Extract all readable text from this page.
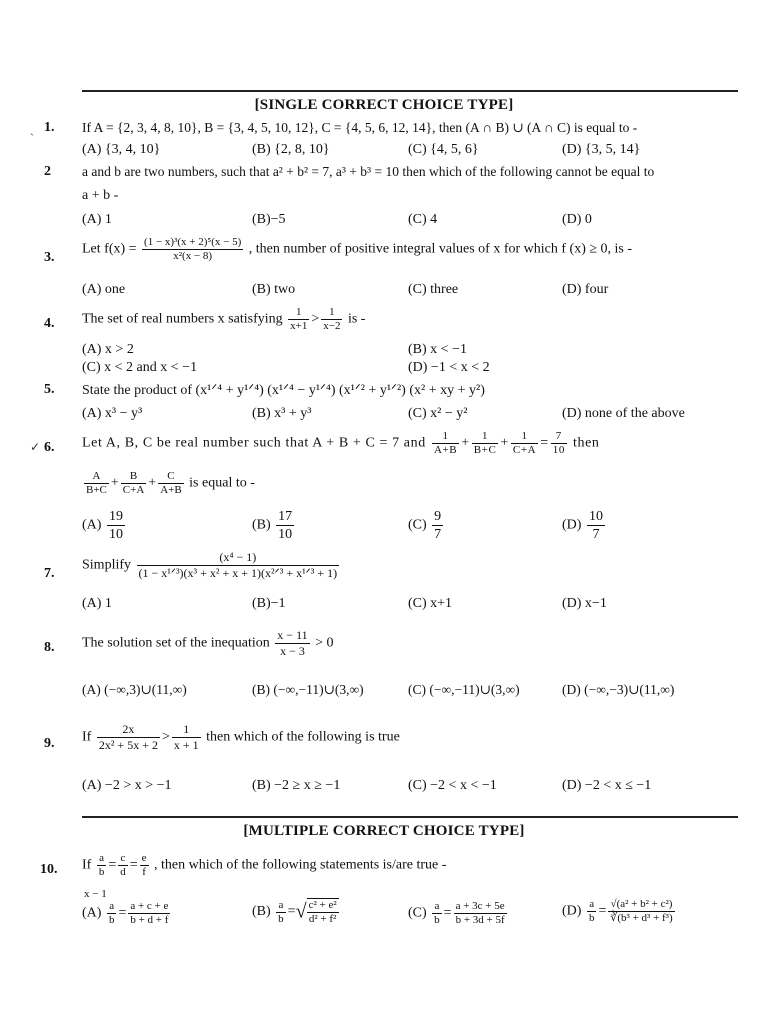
[SINGLE CORRECT CHOICE TYPE]
1. If A = {2, 3, 4, 8, 10}, B = {3, 4, 5, 10, 12}, C = {4, 5, 6, 12, 14}, then (A ∩ B) ∪ (A ∩ C) is equal to -
(A) {3, 4, 10}	(B) {2, 8, 10}	(C) {4, 5, 6}	(D) {3, 5, 14}
2 a and b are two numbers, such that a² + b² = 7, a³ + b³ = 10 then which of the following cannot be equal to
a + b -
(A) 1	(B)−5	(C) 4	(D) 0
3.
Let $f(x) = \frac{\text{(1 − x)³(x + 2)⁵(x − 5)}}{\text{x²(x − 8)}}$ , then number of positive integral values of x for which f (x) ≥ 0, is -
(A) one	(B) two	(C) three	(D) four
4. The set of real numbers x satisfying $\frac{1}{x+1} > \frac{1}{x-2}$ is -
(A) x > 2	(B) x < −1
(C) x < 2 and x < −1	(D) −1 < x < 2
5. State the product of (x¹ᐟ⁴ + y¹ᐟ⁴) (x¹ᐟ⁴ − y¹ᐟ⁴) (x¹ᐟ² + y¹ᐟ²) (x² + xy + y²)
(A) x³ − y³	(B) x³ + y³	(C) x² − y²	(D) none of the above
6. Let A, B, C be real number such that A + B + C = 7 and $\frac{1}{A+B} + \frac{1}{B+C} + \frac{1}{C+A} = \frac{7}{10}$ then
$\frac{A}{B+C} + \frac{B}{C+A} + \frac{C}{A+B}$ is equal to -
$(A) \frac{19}{10}$	$(B) \frac{17}{10}$	$(C) \frac{9}{7}$	$(D) \frac{10}{7}$
7.
Simplify
(x⁴ − 1)
(1 − x¹ᐟ³)(x³ + x² + x + 1)(x²ᐟ³ + x¹ᐟ³ + 1)
(A) 1	(B)−1	(C) x+1	(D) x−1
8. The solution set of the inequation $\frac{x - 11}{x - 3} > 0$
(A) (−∞,3)∪(11,∞)	(B) (−∞,−11)∪(3,∞)	(C) (−∞,−11)∪(3,∞)	(D) (−∞,−3)∪(11,∞)
9. If $\frac{2x}{\text{2x² + 5x + 2}} > \frac{1}{x + 1}$ then which of the following is true
(A) −2 > x > −1	(B) −2 ≥ x ≥ −1	(C) −2 < x < −1	(D) −2 < x ≤ −1
[MULTIPLE CORRECT CHOICE TYPE]
10. If $\frac{a}{b} = \frac{c}{d} = \frac{e}{f}$ , then which of the following statements is/are true -
x − 1
$(A) \frac{a}{b} = \frac{a + c + e}{b + d + f}$	$(B) \frac{a}{b}$ =√ $\frac{\text{c² + e²}}{\text{d² + f²}}$	$(C) \frac{a}{b} = \frac{a + 3c + 5e}{b + 3d + 5f}$	$(D) \frac{a}{b} = \frac{\text{√(a² + b² + c²)}}{\text{∛(b³ + d³ + f³)}}$
ˏ
✓
